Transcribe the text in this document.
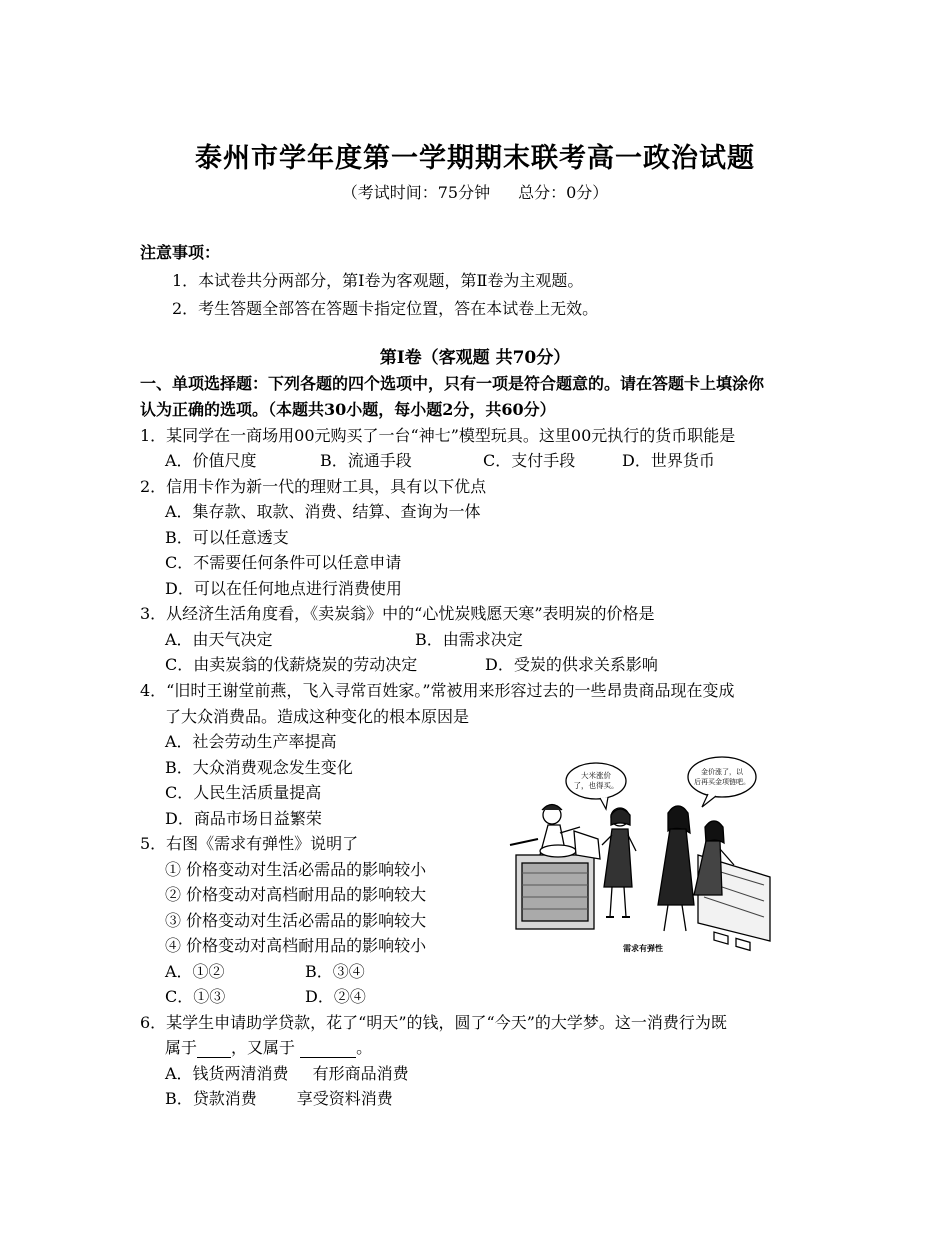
泰州市学年度第一学期期末联考高一政治试题
（考试时间：75分钟 总分：0分）
注意事项：
1．本试卷共分两部分，第Ⅰ卷为客观题，第Ⅱ卷为主观题。
2．考生答题全部答在答题卡指定位置，答在本试卷上无效。
第Ⅰ卷（客观题 共70分）
一、单项选择题：下列各题的四个选项中，只有一项是符合题意的。请在答题卡上填涂你
认为正确的选项。（本题共30小题，每小题2分，共60分）
1．某同学在一商场用00元购买了一台“神七”模型玩具。这里00元执行的货币职能是
A．价值尺度	B．流通手段	C．支付手段	D．世界货币
2．信用卡作为新一代的理财工具，具有以下优点
A．集存款、取款、消费、结算、查询为一体
B．可以任意透支
C．不需要任何条件可以任意申请
D．可以在任何地点进行消费使用
3．从经济生活角度看，《卖炭翁》中的“心忧炭贱愿天寒”表明炭的价格是
A．由天气决定	B．由需求决定
C．由卖炭翁的伐薪烧炭的劳动决定	D．受炭的供求关系影响
4．“旧时王谢堂前燕，飞入寻常百姓家。”常被用来形容过去的一些昂贵商品现在变成
了大众消费品。造成这种变化的根本原因是
A．社会劳动生产率提高
B．大众消费观念发生变化
C．人民生活质量提高
D．商品市场日益繁荣
5．右图《需求有弹性》说明了
① 价格变动对生活必需品的影响较小
② 价格变动对高档耐用品的影响较大
③ 价格变动对生活必需品的影响较大
④ 价格变动对高档耐用品的影响较小
A．①②	B．③④
C．①③	D．②④
大米涨价
了，也得买。
金价涨了，以
后再买金项链吧。
需求有弹性
6．某学生申请助学贷款，花了“明天”的钱，圆了“今天”的大学梦。这一消费行为既
属于 ，又属于	。
A．钱货两清消费 有形商品消费
B．贷款消费	享受资料消费
